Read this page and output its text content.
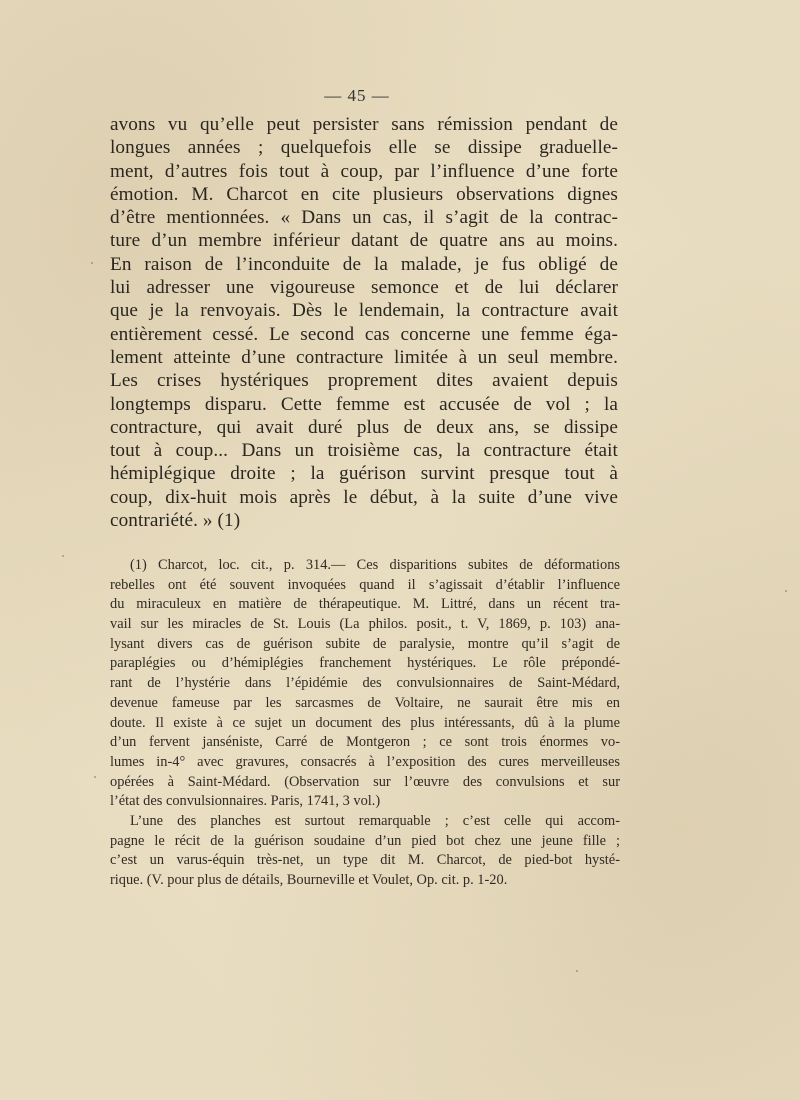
— 45 —
avons vu qu’elle peut persister sans rémission pendant de
longues années ; quelquefois elle se dissipe graduelle-
ment, d’autres fois tout à coup, par l’influence d’une forte
émotion. M. Charcot en cite plusieurs observations dignes
d’être mentionnées. « Dans un cas, il s’agit de la contrac-
ture d’un membre inférieur datant de quatre ans au moins.
En raison de l’inconduite de la malade, je fus obligé de
lui adresser une vigoureuse semonce et de lui déclarer
que je la renvoyais. Dès le lendemain, la contracture avait
entièrement cessé. Le second cas concerne une femme éga-
lement atteinte d’une contracture limitée à un seul membre.
Les crises hystériques proprement dites avaient depuis
longtemps disparu. Cette femme est accusée de vol ; la
contracture, qui avait duré plus de deux ans, se dissipe
tout à coup... Dans un troisième cas, la contracture était
hémiplégique droite ; la guérison survint presque tout à
coup, dix-huit mois après le début, à la suite d’une vive
contrariété. » (1)
(1) Charcot, loc. cit., p. 314.— Ces disparitions subites de déformations
rebelles ont été souvent invoquées quand il s’agissait d’établir l’influence
du miraculeux en matière de thérapeutique. M. Littré, dans un récent tra-
vail sur les miracles de St. Louis (La philos. posit., t. V, 1869, p. 103) ana-
lysant divers cas de guérison subite de paralysie, montre qu’il s’agit de
paraplégies ou d’hémiplégies franchement hystériques. Le rôle prépondé-
rant de l’hystérie dans l’épidémie des convulsionnaires de Saint-Médard,
devenue fameuse par les sarcasmes de Voltaire, ne saurait être mis en
doute. Il existe à ce sujet un document des plus intéressants, dû à la plume
d’un fervent janséniste, Carré de Montgeron ; ce sont trois énormes vo-
lumes in-4° avec gravures, consacrés à l’exposition des cures merveilleuses
opérées à Saint-Médard. (Observation sur l’œuvre des convulsions et sur
l’état des convulsionnaires. Paris, 1741, 3 vol.)
L’une des planches est surtout remarquable ; c’est celle qui accom-
pagne le récit de la guérison soudaine d’un pied bot chez une jeune fille ;
c’est un varus-équin très-net, un type dit M. Charcot, de pied-bot hysté-
rique. (V. pour plus de détails, Bourneville et Voulet, Op. cit. p. 1-20.
